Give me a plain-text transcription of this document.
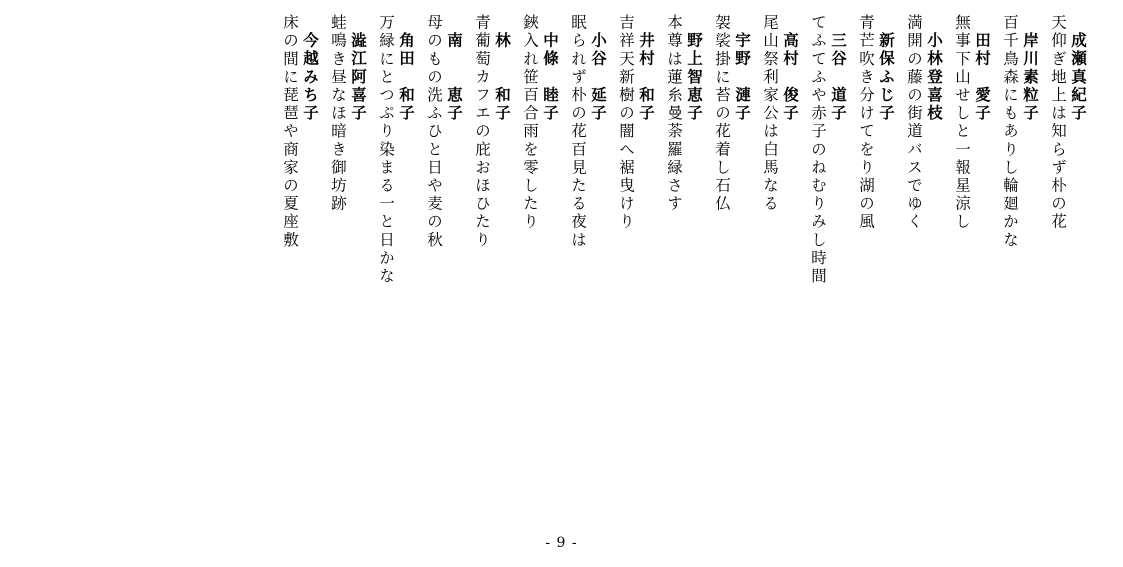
成瀬真紀子
天仰ぎ地上は知らず朴の花
岸川素粒子
百千鳥森にもありし輪廻かな
田村　愛子
無事下山せしと一報星涼し
小林登喜枝
満開の藤の街道バスでゆく
新保ふじ子
青芒吹き分けてをり湖の風
三谷　道子
てふてふや赤子のねむりみし時間
高村　俊子
尾山祭利家公は白馬なる
宇野　漣子
袈裟掛に苔の花着し石仏
野上智恵子
本尊は蓮糸曼荼羅緑さす
井村　和子
吉祥天新樹の闇へ裾曳けり
小谷　延子
眠られず朴の花百見たる夜は
中條　睦子
鋏入れ笹百合雨を零したり
林　　和子
青葡萄カフエの庇おほひたり
南　　恵子
母のもの洗ふひと日や麦の秋
角田　和子
万緑にとつぷり染まる一と日かな
澁江阿喜子
蛙鳴き昼なほ暗き御坊跡
今越みち子
床の間に琵琶や商家の夏座敷
- 9 -
